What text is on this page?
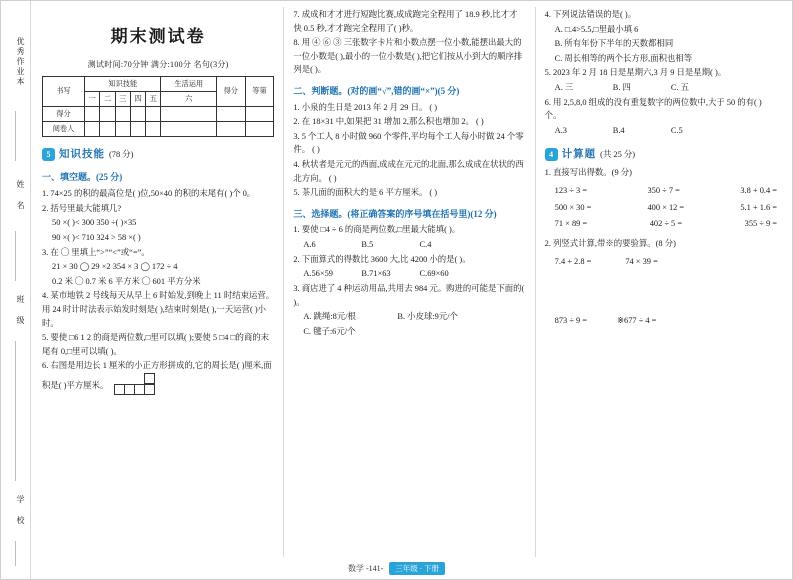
优秀作业本
姓 名
班 级
学 校
期末测试卷
测试时间:70分钟 满分:100分 名句(3分)
书写	知识技能					生活运用	得分	等第
	一	二	三	四	五	六		
得分								
阅卷人								
5 知识技能 (78 分)
一、填空题。(25 分)
1. 74×25 的积的最高位是( )位,50×40 的积的末尾有( )个 0。
2. 括号里最大能填几?
50 ×( )< 300 350 ÷( )×35
90 ×( )< 710 324 > 58 ×( )
3. 在 ◯ 里填上“>”“<”或“=”。
21 × 30 ◯ 29 ×2 354 × 3 ◯ 172 ÷ 4
0.2 米 ◯ 0.7 米 6 平方米 ◯ 601 平方分米
4. 某市地铁 2 号线每天从早上 6 时始发,到晚上 11 时结束运营。用 24 时计时法表示始发时刻是( ),结束时刻是( ),一天运营( )小时。
5. 要使 □6 1 2 的商是两位数,□里可以填( );要使 5 □4 □的商的末尾有 0,□里可以填( )。
6. 右图是用边长 1 厘米的小正方形拼成的,它的周长是( )厘米,面积是( )平方厘米。
7. 成成和才才进行短跑比赛,成成跑完全程用了 18.9 秒,比才才快 0.5 秒,才才跑完全程用了( )秒。
8. 用 ④ ⑥ ③ 三张数字卡片和小数点摆一位小数,能摆出最大的一位小数是( ),最小的一位小数是( ),把它们按从小到大的顺序排列是( )。
二、判断题。(对的画“√”,错的画“×”)(5 分)
1. 小泉的生日是 2013 年 2 月 29 日。 ( )
2. 在 18×31 中,如果把 31 增加 2,那么积也增加 2。 ( )
3. 5 个工人 8 小时做 960 个零件,平均每个工人每小时做 24 个零件。 ( )
4. 秋状者是元元的西面,成成在元元的北面,那么成成在状状的西北方向。 ( )
5. 茶几面的面积大约是 6 平方厘米。 ( )
三、选择题。(将正确答案的序号填在括号里)(12 分)
1. 要使 □4 ÷ 6 的商是两位数,□里最大能填( )。
A.6	B.5	C.4
2. 下面算式的得数比 3600 大,比 4200 小的是( )。
A.56×59	B.71×63	C.69×60
3. 商店进了 4 种运动用品,共用去 984 元。购进的可能是下面的( )。
A. 跳绳:8元/根	B. 小皮球:9元/个
C. 毽子:6元/个
4. 下列说法错误的是( )。
A. □.4>5.5,□里最小填 6
B. 所有年份下半年的天数都相同
C. 周长相等的两个长方形,面积也相等
5. 2023 年 2 月 18 日是星期六,3 月 9 日是星期( )。
A. 三	B. 四	C. 五
6. 用 2,5,8,0 组成的没有重复数字的两位数中,大于 50 的有( )个。
A.3	B.4	C.5
4 计算题 (共 25 分)
1. 直接写出得数。(9 分)
123 ÷ 3 =	350 ÷ 7 =	3.8 + 0.4 =
500 × 30 =	400 × 12 =	5.1 + 1.6 =
71 × 89 =	402 ÷ 5 =	355 ÷ 9 =
2. 列竖式计算,带※的要验算。(8 分)
7.4 + 2.8 =	74 × 39 =
873 ÷ 9 =	※677 ÷ 4 =
数学 -141- 三年级 · 下册
